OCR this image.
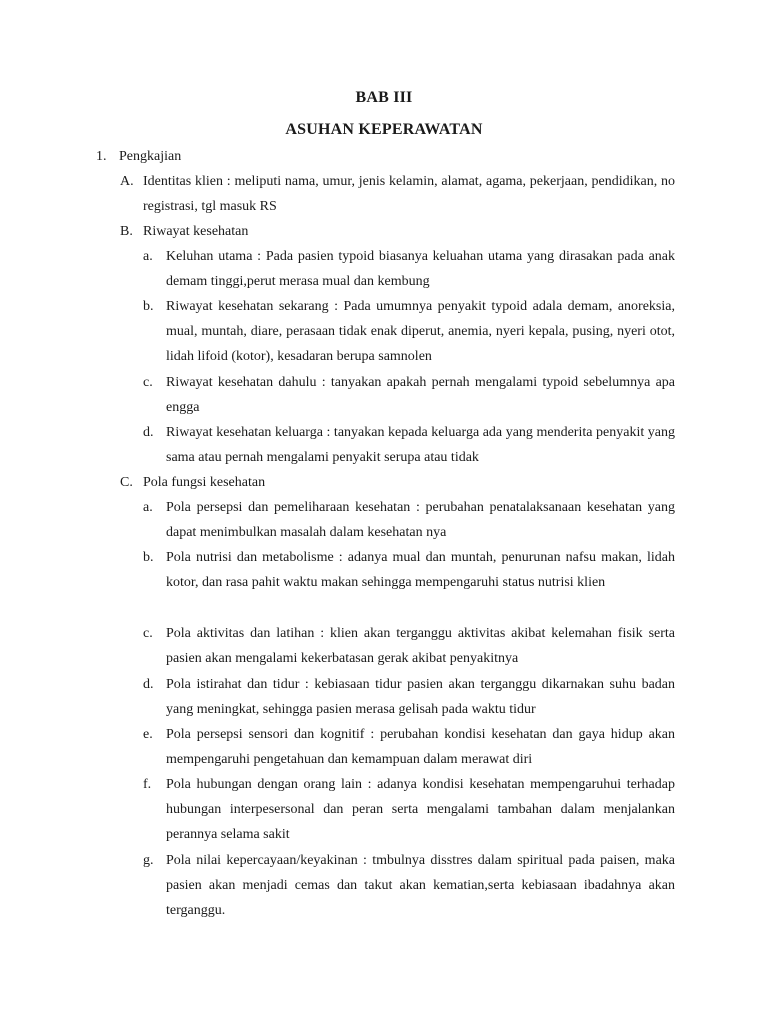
BAB III
ASUHAN KEPERAWATAN
1. Pengkajian
A. Identitas klien : meliputi nama, umur, jenis kelamin, alamat, agama, pekerjaan, pendidikan, no registrasi, tgl masuk RS
B. Riwayat kesehatan
a. Keluhan utama : Pada pasien typoid biasanya keluahan utama yang dirasakan pada anak demam tinggi,perut merasa mual dan kembung
b. Riwayat kesehatan sekarang : Pada umumnya penyakit typoid adala demam, anoreksia, mual, muntah, diare, perasaan tidak enak diperut, anemia, nyeri kepala, pusing, nyeri otot, lidah lifoid (kotor), kesadaran berupa samnolen
c. Riwayat kesehatan dahulu : tanyakan apakah pernah mengalami typoid sebelumnya apa engga
d. Riwayat kesehatan keluarga : tanyakan kepada keluarga ada yang menderita penyakit yang sama atau pernah mengalami penyakit serupa atau tidak
C. Pola fungsi kesehatan
a. Pola persepsi dan pemeliharaan kesehatan : perubahan penatalaksanaan kesehatan yang dapat menimbulkan masalah dalam kesehatan nya
b. Pola nutrisi dan metabolisme : adanya mual dan muntah, penurunan nafsu makan, lidah kotor, dan rasa pahit waktu makan sehingga mempengaruhi status nutrisi klien
c. Pola aktivitas dan latihan : klien akan terganggu aktivitas akibat kelemahan fisik serta pasien akan mengalami kekerbatasan gerak akibat penyakitnya
d. Pola istirahat dan tidur : kebiasaan tidur pasien akan terganggu dikarnakan suhu badan yang meningkat, sehingga pasien merasa gelisah pada waktu tidur
e. Pola persepsi sensori dan kognitif : perubahan kondisi kesehatan dan gaya hidup akan mempengaruhi pengetahuan dan kemampuan dalam merawat diri
f. Pola hubungan dengan orang lain : adanya kondisi kesehatan mempengaruhui terhadap hubungan interpesersonal dan peran serta mengalami tambahan dalam menjalankan perannya selama sakit
g. Pola nilai kepercayaan/keyakinan : tmbulnya disstres dalam spiritual pada paisen, maka pasien akan menjadi cemas dan takut akan kematian,serta kebiasaan ibadahnya akan terganggu.
